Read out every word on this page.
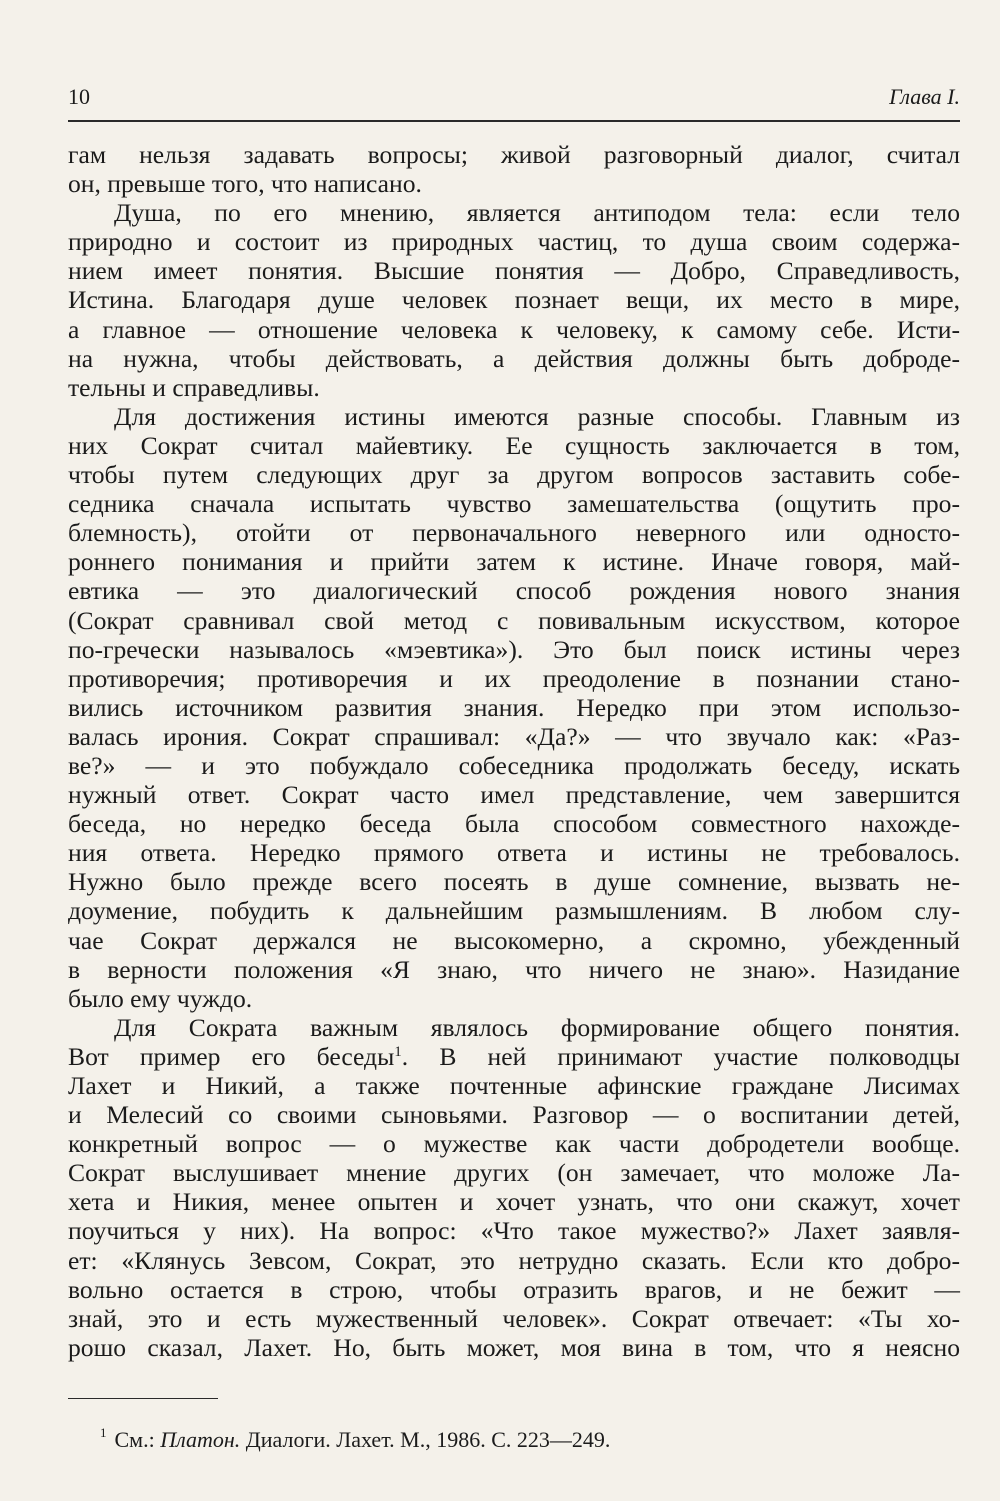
10	Глава I.
гам нельзя задавать вопросы; живой разговорный диалог, считал
он, превыше того, что написано.
Душа, по его мнению, является антиподом тела: если тело
природно и состоит из природных частиц, то душа своим содержа-
нием имеет понятия. Высшие понятия — Добро, Справедливость,
Истина. Благодаря душе человек познает вещи, их место в мире,
а главное — отношение человека к человеку, к самому себе. Исти-
на нужна, чтобы действовать, а действия должны быть доброде-
тельны и справедливы.
Для достижения истины имеются разные способы. Главным из
них Сократ считал майевтику. Ее сущность заключается в том,
чтобы путем следующих друг за другом вопросов заставить собе-
седника сначала испытать чувство замешательства (ощутить про-
блемность), отойти от первоначального неверного или односто-
роннего понимания и прийти затем к истине. Иначе говоря, май-
евтика — это диалогический способ рождения нового знания
(Сократ сравнивал свой метод с повивальным искусством, которое
по-гречески называлось «мэевтика»). Это был поиск истины через
противоречия; противоречия и их преодоление в познании стано-
вились источником развития знания. Нередко при этом использо-
валась ирония. Сократ спрашивал: «Да?» — что звучало как: «Раз-
ве?» — и это побуждало собеседника продолжать беседу, искать
нужный ответ. Сократ часто имел представление, чем завершится
беседа, но нередко беседа была способом совместного нахожде-
ния ответа. Нередко прямого ответа и истины не требовалось.
Нужно было прежде всего посеять в душе сомнение, вызвать не-
доумение, побудить к дальнейшим размышлениям. В любом слу-
чае Сократ держался не высокомерно, а скромно, убежденный
в верности положения «Я знаю, что ничего не знаю». Назидание
было ему чуждо.
Для Сократа важным являлось формирование общего понятия.
Вот пример его беседы$^1$. В ней принимают участие полководцы
Лахет и Никий, а также почтенные афинские граждане Лисимах
и Мелесий со своими сыновьями. Разговор — о воспитании детей,
конкретный вопрос — о мужестве как части добродетели вообще.
Сократ выслушивает мнение других (он замечает, что моложе Ла-
хета и Никия, менее опытен и хочет узнать, что они скажут, хочет
поучиться у них). На вопрос: «Что такое мужество?» Лахет заявля-
ет: «Клянусь Зевсом, Сократ, это нетрудно сказать. Если кто добро-
вольно остается в строю, чтобы отразить врагов, и не бежит —
знай, это и есть мужественный человек». Сократ отвечает: «Ты хо-
рошо сказал, Лахет. Но, быть может, моя вина в том, что я неясно
$^1$ См.: Платон. Диалоги. Лахет. М., 1986. С. 223—249.
